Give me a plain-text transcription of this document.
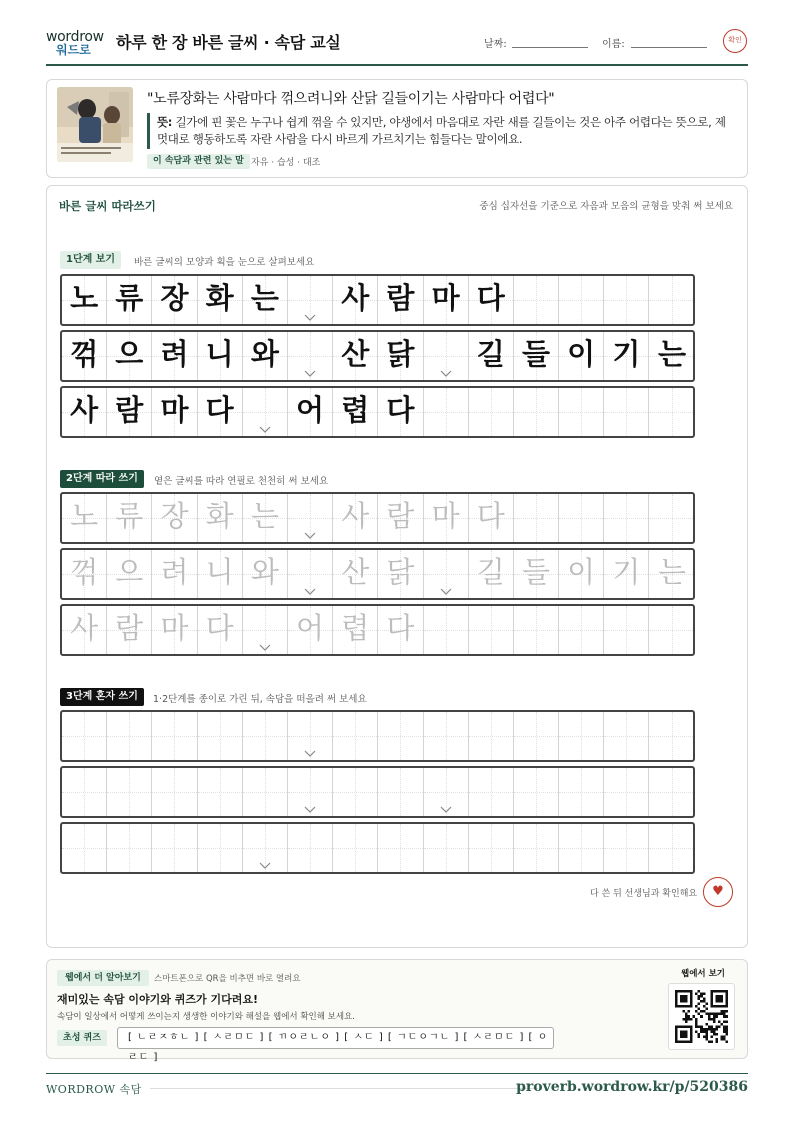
wordrow
워드로	하루 한 장 바른 글씨 · 속담 교실	날짜:	이름:	확인
"노류장화는 사람마다 꺾으려니와 산닭 길들이기는 사람마다 어렵다"
뜻: 길가에 핀 꽃은 누구나 쉽게 꺾을 수 있지만, 야생에서 마음대로 자란 새를 길들이는 것은 아주 어렵다는 뜻으로, 제멋대로 행동하도록 자란 사람을 다시 바르게 가르치기는 힘들다는 말이에요.
이 속담과 관련 있는 말 자유 · 습성 · 대조
바른 글씨 따라쓰기	중심 십자선을 기준으로 자음과 모음의 균형을 맞춰 써 보세요
1단계 보기	바른 글씨의 모양과 획을 눈으로 살펴보세요
노 류 장 화 는 사 람 마 다
꺾 으 려 니 와 산 닭 길 들 이 기 는
사 람 마 다 어 렵 다
2단계 따라 쓰기	옅은 글씨를 따라 연필로 천천히 써 보세요
노 류 장 화 는 사 람 마 다
꺾 으 려 니 와 산 닭 길 들 이 기 는
사 람 마 다 어 렵 다
3단계 혼자 쓰기	1·2단계를 종이로 가린 뒤, 속담을 떠올려 써 보세요
다 쓴 뒤 선생님과 확인해요	♥
웹에서 더 알아보기	스마트폰으로 QR을 비추면 바로 열려요
재미있는 속담 이야기와 퀴즈가 기다려요!
속담이 일상에서 어떻게 쓰이는지 생생한 이야기와 해설을 웹에서 확인해 보세요.
초성 퀴즈	[ ㄴㄹㅈㅎㄴ ] [ ㅅㄹㅁㄷ ] [ ㄲㅇㄹㄴㅇ ] [ ㅅㄷ ] [ ㄱㄷㅇㄱㄴ ] [ ㅅㄹㅁㄷ ] [ ㅇㄹㄷ ]
웹에서 보기
WORDROW 속담	proverb.wordrow.kr/p/520386
